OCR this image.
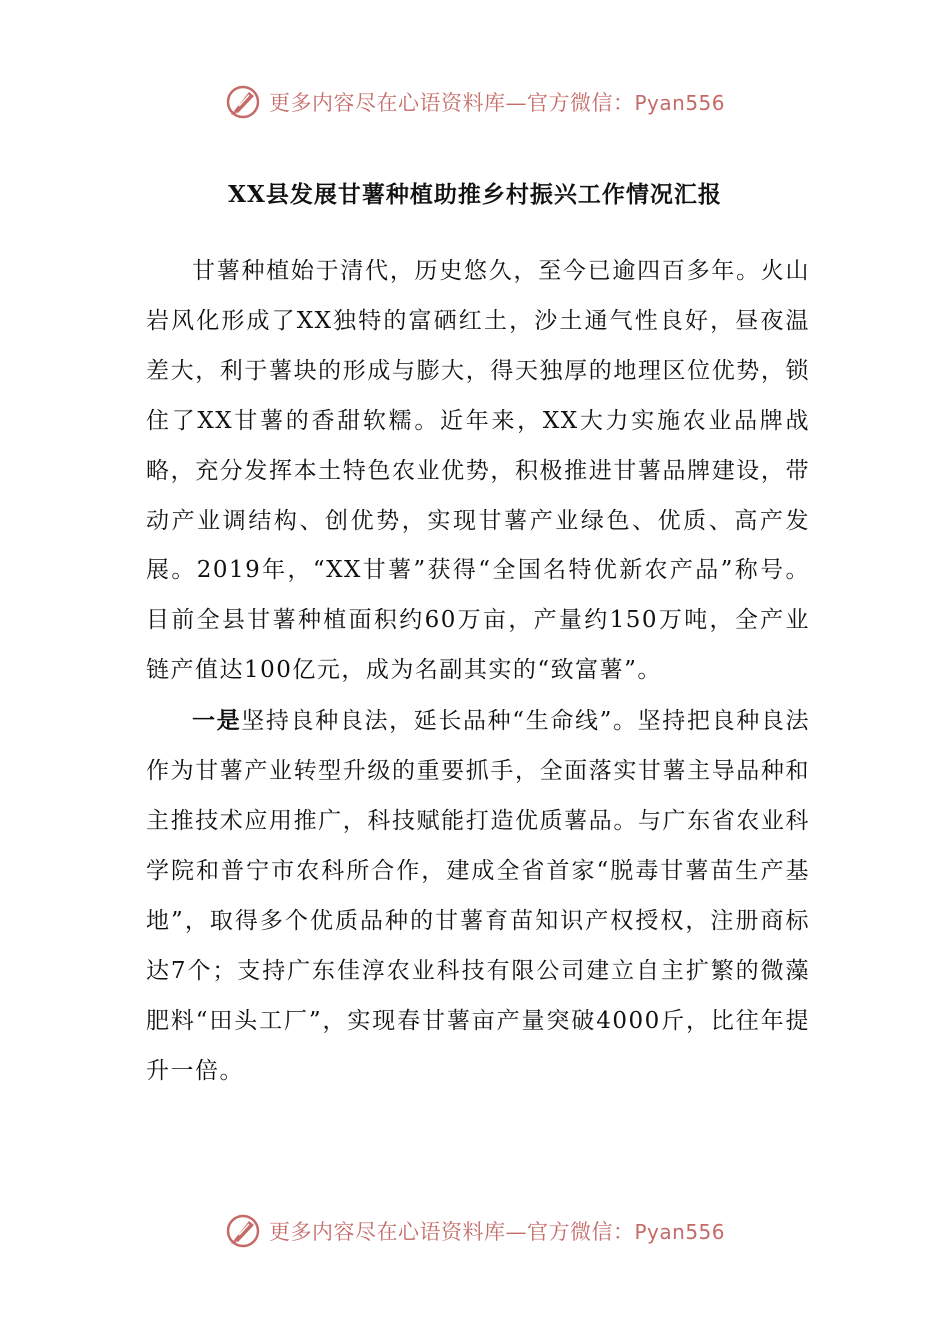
更多内容尽在心语资料库—官方微信：Pyan556
XX县发展甘薯种植助推乡村振兴工作情况汇报

甘薯种植始于清代，历史悠久，至今已逾四百多年。火山岩风化形成了XX独特的富硒红土，沙土通气性良好，昼夜温差大，利于薯块的形成与膨大，得天独厚的地理区位优势，锁住了XX甘薯的香甜软糯。近年来，XX大力实施农业品牌战略，充分发挥本土特色农业优势，积极推进甘薯品牌建设，带动产业调结构、创优势，实现甘薯产业绿色、优质、高产发展。2019年，“XX甘薯”获得“全国名特优新农产品”称号。目前全县甘薯种植面积约60万亩，产量约150万吨，全产业链产值达100亿元，成为名副其实的“致富薯”。

一是坚持良种良法，延长品种“生命线”。坚持把良种良法作为甘薯产业转型升级的重要抓手，全面落实甘薯主导品种和主推技术应用推广，科技赋能打造优质薯品。与广东省农业科学院和普宁市农科所合作，建成全省首家“脱毒甘薯苗生产基地”，取得多个优质品种的甘薯育苗知识产权授权，注册商标达7个；支持广东佳淳农业科技有限公司建立自主扩繁的微藻肥料“田头工厂”，实现春甘薯亩产量突破4000斤，比往年提升一倍。

更多内容尽在心语资料库—官方微信：Pyan556
